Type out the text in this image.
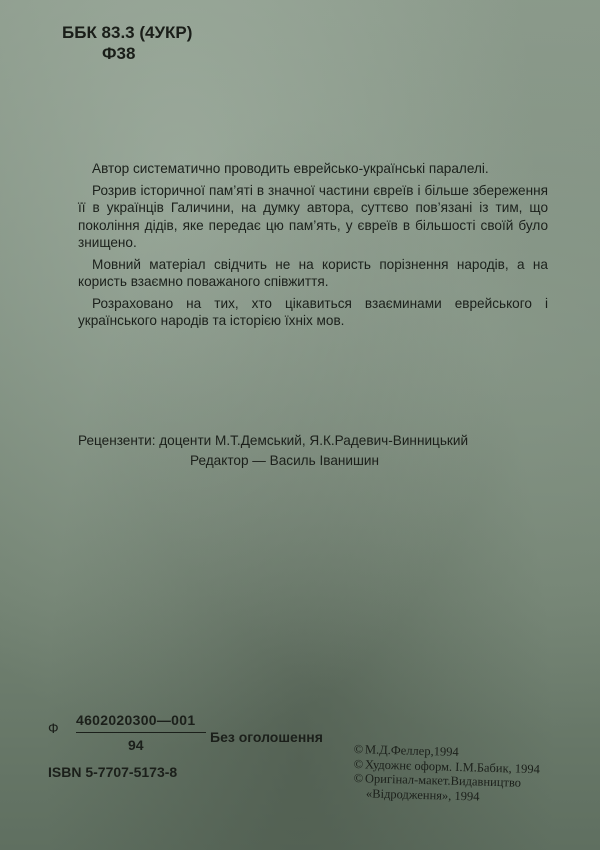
ББК 83.3 (4УКР)
Ф38

Автор систематично проводить еврейсько-українські паралелі.

Розрив історичної пам’яті в значної частини євреїв і більше збереження її в українців Галичини, на думку автора, суттєво пов’язані із тим, що покоління дідів, яке передає цю пам’ять, у євреїв в більшості своїй було знищено.

Мовний матеріал свідчить не на користь порізнення народів, а на користь взаємно поважаного співжиття.

Розраховано на тих, хто цікавиться взаєминами еврейського і українського народів та історією їхніх мов.

Рецензенти: доценти М.Т.Демський, Я.К.Радевич-Винницький
Редактор — Василь Іванишин
Ф 4602020300—001
94	Без оголошення
ISBN 5-7707-5173-8
©М.Д.Феллер,1994
©Художнє оформ. І.М.Бабик, 1994
©Оригінал-макет.Видавництво
«Відродження», 1994
